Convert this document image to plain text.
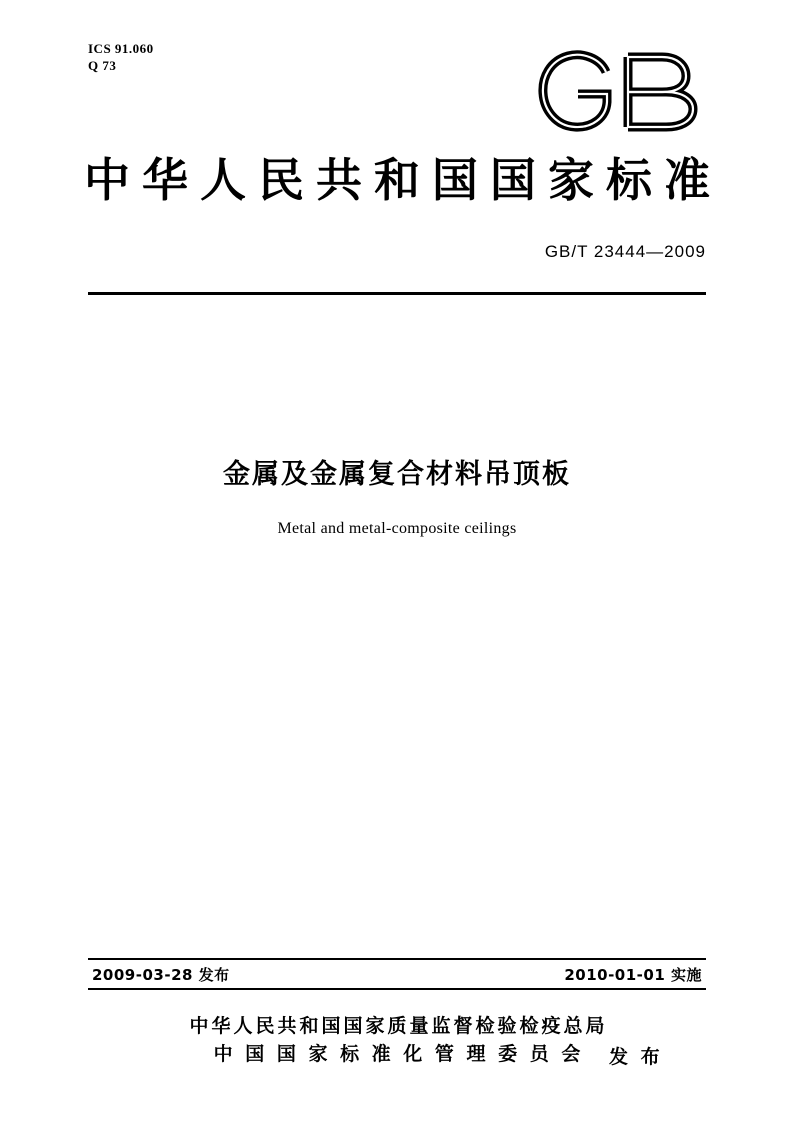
ICS 91.060
Q 73
中华人民共和国国家标准
GB/T 23444—2009
金属及金属复合材料吊顶板
Metal and metal-composite ceilings
2009-03-28 发布	2010-01-01 实施
中华人民共和国国家质量监督检验检疫总局
中 国 国 家 标 准 化 管 理 委 员 会	发 布
